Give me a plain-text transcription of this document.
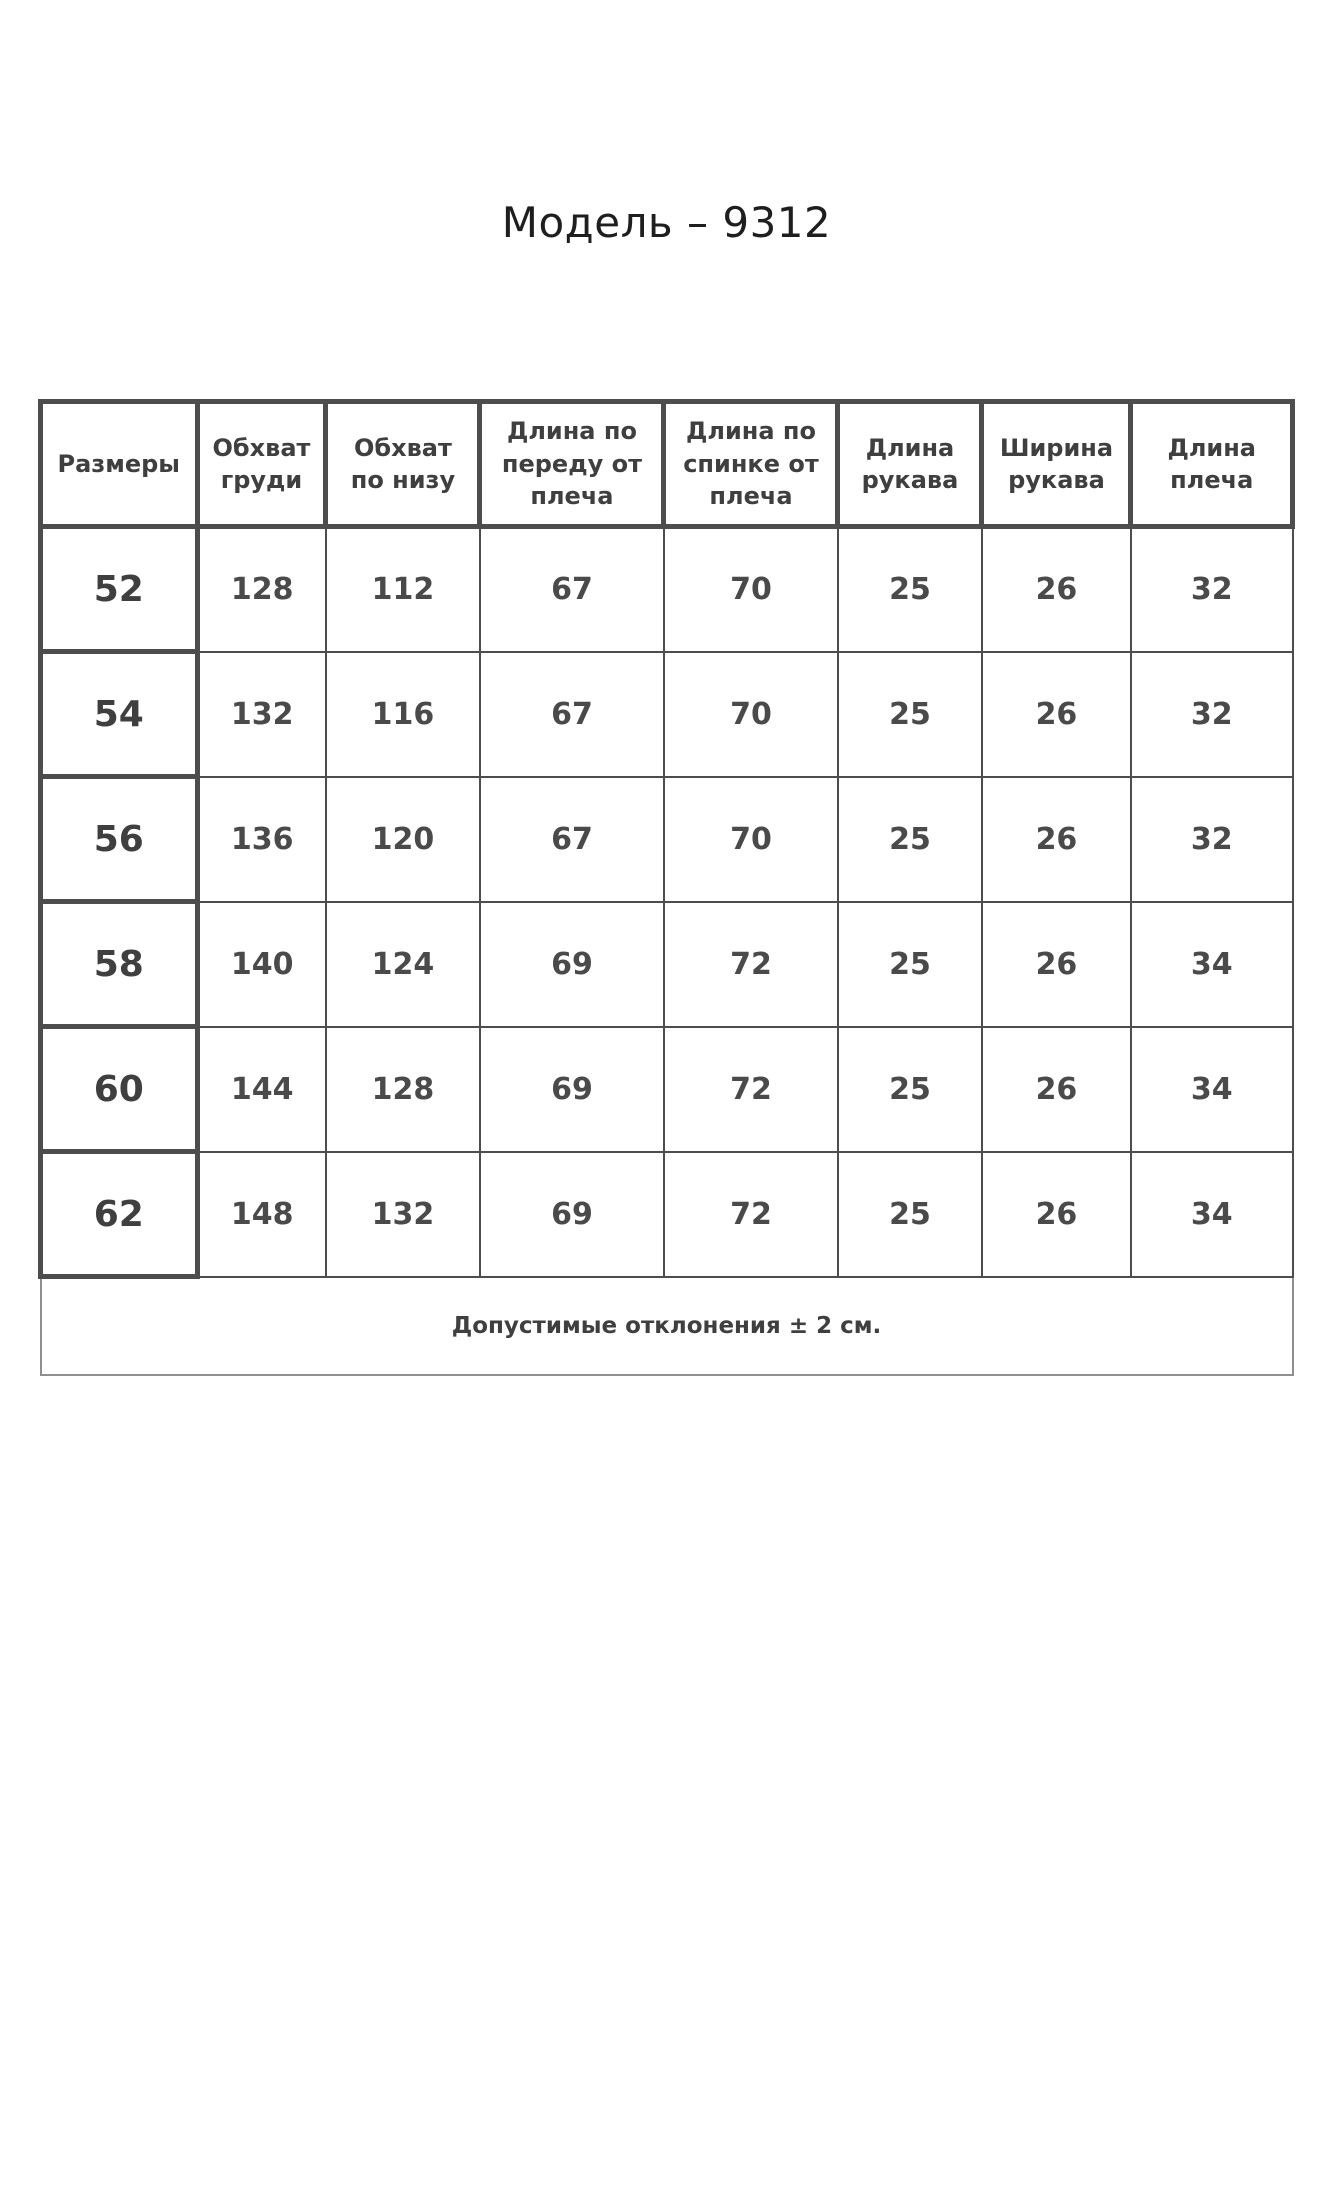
Модель – 9312
Размеры	Обхват груди	Обхват по низу	Длина по переду от плеча	Длина по спинке от плеча	Длина рукава	Ширина рукава	Длина плеча
52	128	112	67	70	25	26	32
54	132	116	67	70	25	26	32
56	136	120	67	70	25	26	32
58	140	124	69	72	25	26	34
60	144	128	69	72	25	26	34
62	148	132	69	72	25	26	34
Допустимые отклонения ± 2 см.							
